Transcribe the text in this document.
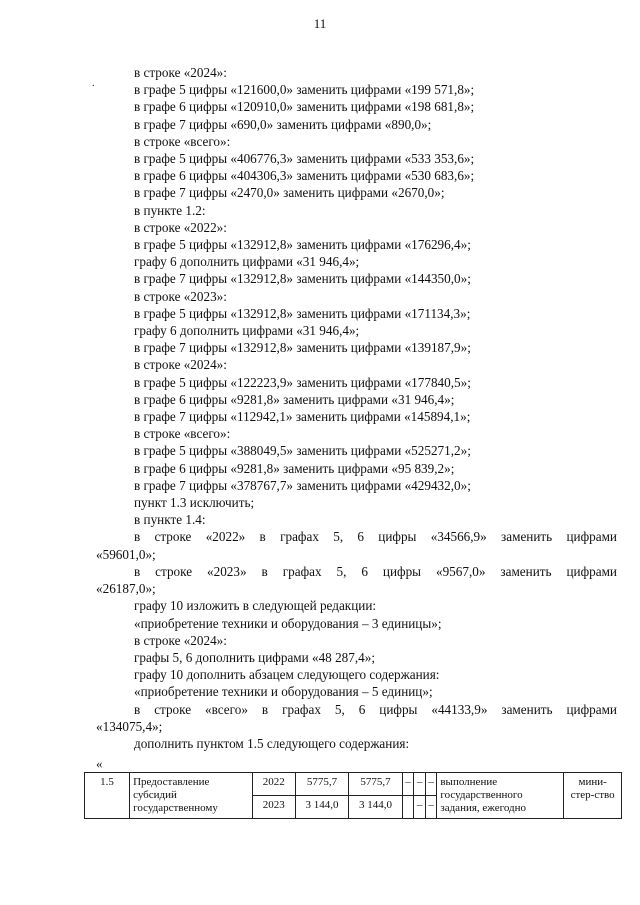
11
.

в строке «2024»:

в графе 5 цифры «121600,0» заменить цифрами «199 571,8»;

в графе 6 цифры «120910,0» заменить цифрами «198 681,8»;

в графе 7 цифры «690,0» заменить цифрами «890,0»;

в строке «всего»:

в графе 5 цифры «406776,3» заменить цифрами «533 353,6»;

в графе 6 цифры «404306,3» заменить цифрами «530 683,6»;

в графе 7 цифры «2470,0» заменить цифрами «2670,0»;

в пункте 1.2:

в строке «2022»:

в графе 5 цифры «132912,8» заменить цифрами «176296,4»;

графу 6 дополнить цифрами «31 946,4»;

в графе 7 цифры «132912,8» заменить цифрами «144350,0»;

в строке «2023»:

в графе 5 цифры «132912,8» заменить цифрами «171134,3»;

графу 6 дополнить цифрами «31 946,4»;

в графе 7 цифры «132912,8» заменить цифрами «139187,9»;

в строке «2024»:

в графе 5 цифры «122223,9» заменить цифрами «177840,5»;

в графе 6 цифры «9281,8» заменить цифрами «31 946,4»;

в графе 7 цифры «112942,1» заменить цифрами «145894,1»;

в строке «всего»:

в графе 5 цифры «388049,5» заменить цифрами «525271,2»;

в графе 6 цифры «9281,8» заменить цифрами «95 839,2»;

в графе 7 цифры «378767,7» заменить цифрами «429432,0»;

пункт 1.3 исключить;

в пункте 1.4:

в строке «2022» в графах 5, 6 цифры «34566,9» заменить цифрами

«59601,0»;

в строке «2023» в графах 5, 6 цифры «9567,0» заменить цифрами

«26187,0»;

графу 10 изложить в следующей редакции:

«приобретение техники и оборудования – 3 единицы»;

в строке «2024»:

графы 5, 6 дополнить цифрами «48 287,4»;

графу 10 дополнить абзацем следующего содержания:

«приобретение техники и оборудования – 5 единиц»;

в строке «всего» в графах 5, 6 цифры «44133,9» заменить цифрами

«134075,4»;

дополнить пунктом 1.5 следующего содержания:

«
1.5	Предоставление субсидий государственному	2022	5775,7	5775,7	–	–	–	выполнение государственного задания, ежегодно	мини-стер-ство
		2023	3 144,0	3 144,0		–	–		
